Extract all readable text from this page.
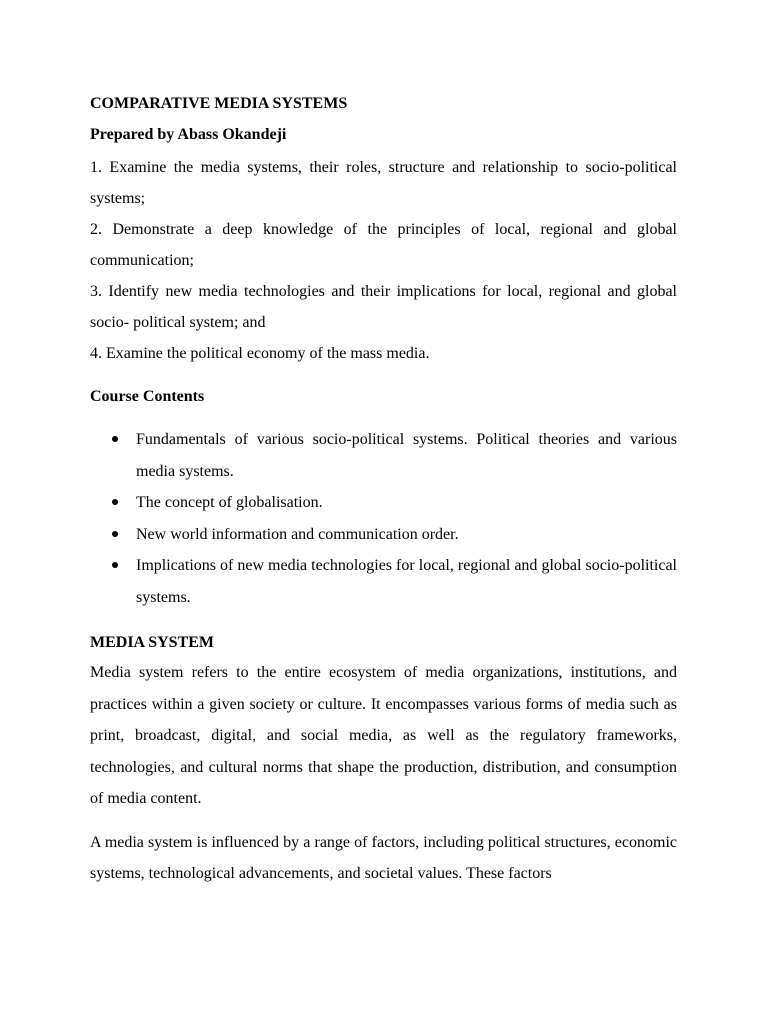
COMPARATIVE MEDIA SYSTEMS
Prepared by Abass Okandeji

1. Examine the media systems, their roles, structure and relationship to socio-political systems;

2. Demonstrate a deep knowledge of the principles of local, regional and global communication;

3. Identify new media technologies and their implications for local, regional and global socio- political system; and

4. Examine the political economy of the mass media.

Course Contents
Fundamentals of various socio-political systems. Political theories and various media systems.
The concept of globalisation.
New world information and communication order.
Implications of new media technologies for local, regional and global socio-political systems.
MEDIA SYSTEM

Media system refers to the entire ecosystem of media organizations, institutions, and practices within a given society or culture. It encompasses various forms of media such as print, broadcast, digital, and social media, as well as the regulatory frameworks, technologies, and cultural norms that shape the production, distribution, and consumption of media content.

A media system is influenced by a range of factors, including political structures, economic systems, technological advancements, and societal values. These factors
